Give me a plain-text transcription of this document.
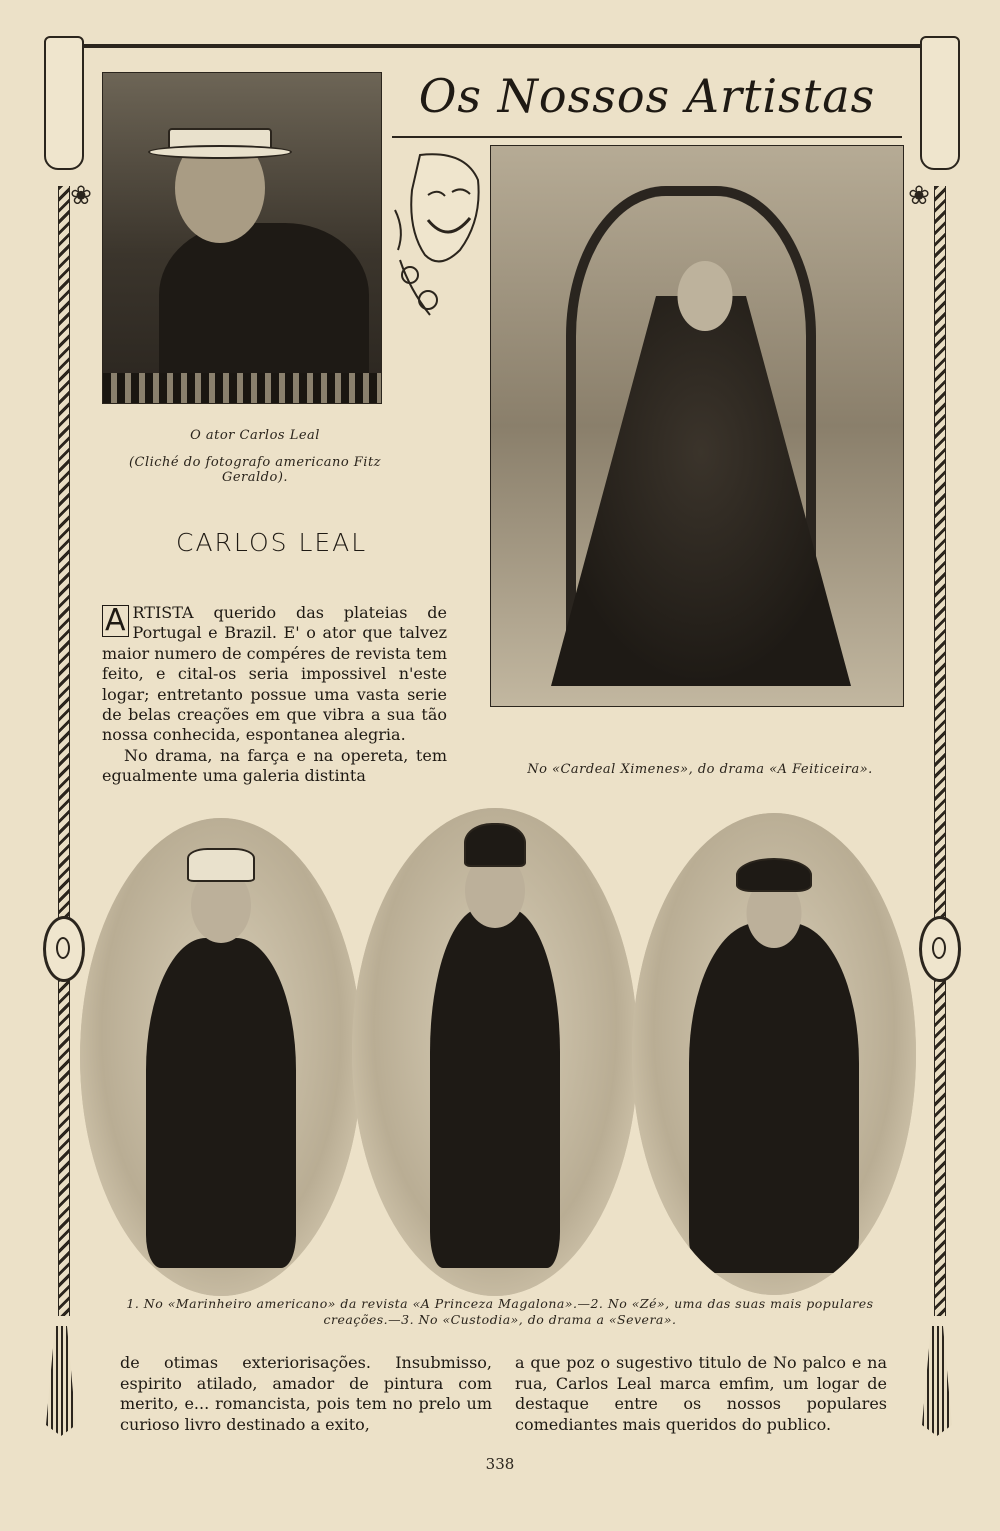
❀	❀
Os Nossos Artistas
O ator Carlos Leal
(Cliché do fotografo americano Fitz Geraldo).
No «Cardeal Ximenes», do drama «A Feiticeira».
CARLOS LEAL
A RTISTA querido das plateias de Portugal e Brazil. E' o ator que talvez maior numero de compéres de revista tem feito, e cital-os seria impossivel n'este logar; entretanto possue uma vasta serie de belas creações em que vibra a sua tão nossa conhecida, espontanea alegria.
No drama, na farça e na opereta, tem egualmente uma galeria distinta
1. No «Marinheiro americano» da revista «A Princeza Magalona».—2. No «Zé», uma das suas mais populares creações.—3. No «Custodia», do drama a «Severa».
de otimas exteriorisações. Insubmisso, espirito atilado, amador de pintura com merito, e... romancista, pois tem no prelo um curioso livro destinado a exito,
a que poz o sugestivo titulo de No palco e na rua, Carlos Leal marca emfim, um logar de destaque entre os nossos populares comediantes mais queridos do publico.
338
